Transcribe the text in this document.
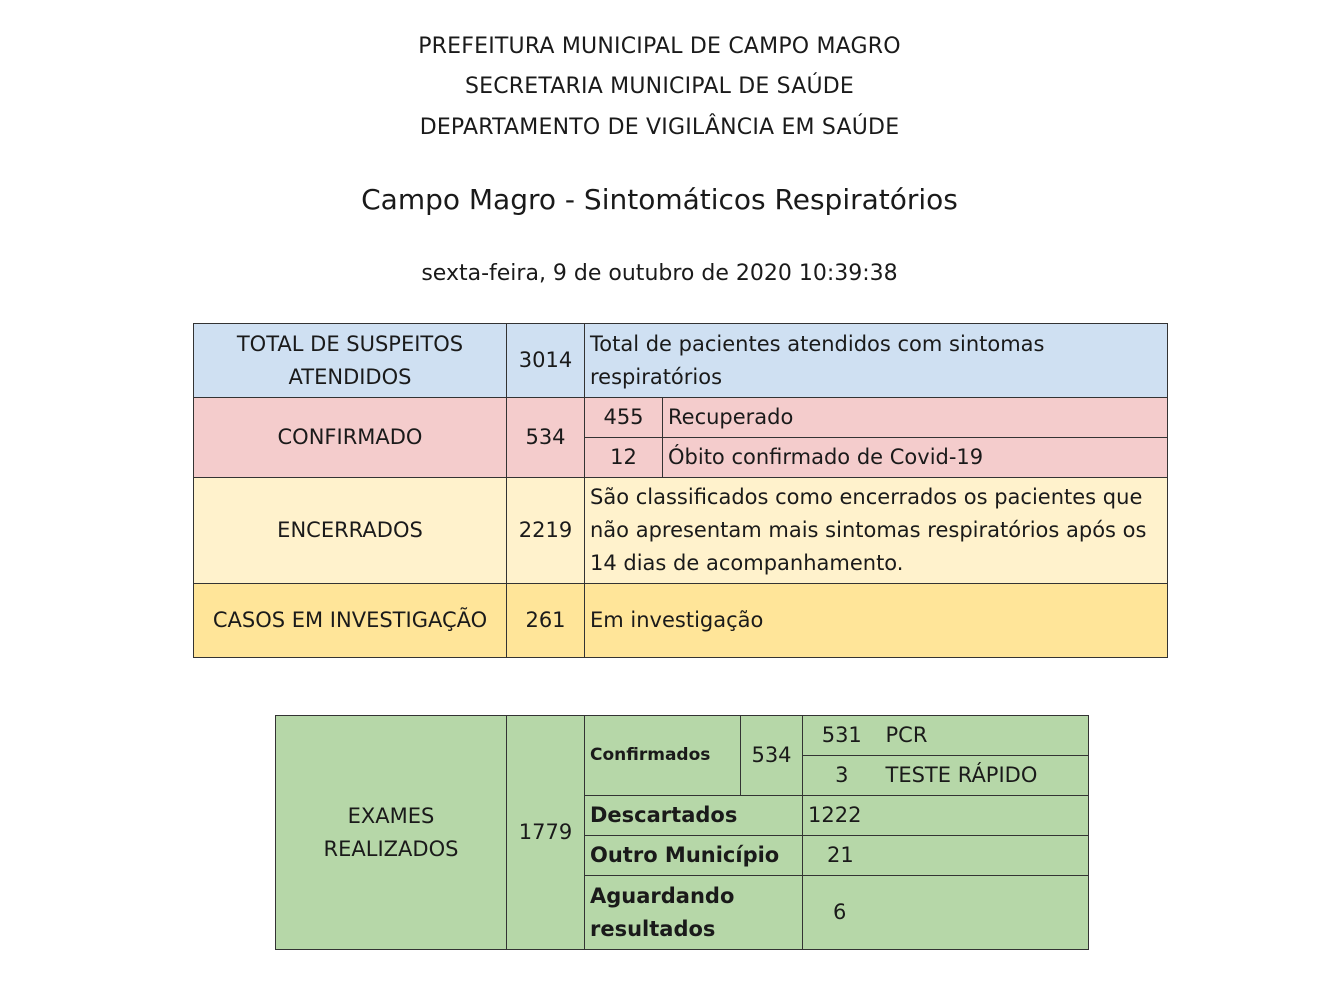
PREFEITURA MUNICIPAL DE CAMPO MAGRO
SECRETARIA MUNICIPAL DE SAÚDE
DEPARTAMENTO DE VIGILÂNCIA EM SAÚDE
Campo Magro - Sintomáticos Respiratórios
sexta-feira, 9 de outubro de 2020 10:39:38
TOTAL DE SUSPEITOS ATENDIDOS	3014	Total de pacientes atendidos com sintomas respiratórios	
CONFIRMADO	534	455	Recuperado
		12	Óbito confirmado de Covid-19
ENCERRADOS	2219	São classificados como encerrados os pacientes que não apresentam mais sintomas respiratórios após os 14 dias de acompanhamento.	
CASOS EM INVESTIGAÇÃO	261	Em investigação	
EXAMES REALIZADOS	1779	Confirmados	534	531	PCR
				3	TESTE RÁPIDO
		Descartados		1222	
		Outro Município		21	
		Aguardando resultados		6	
